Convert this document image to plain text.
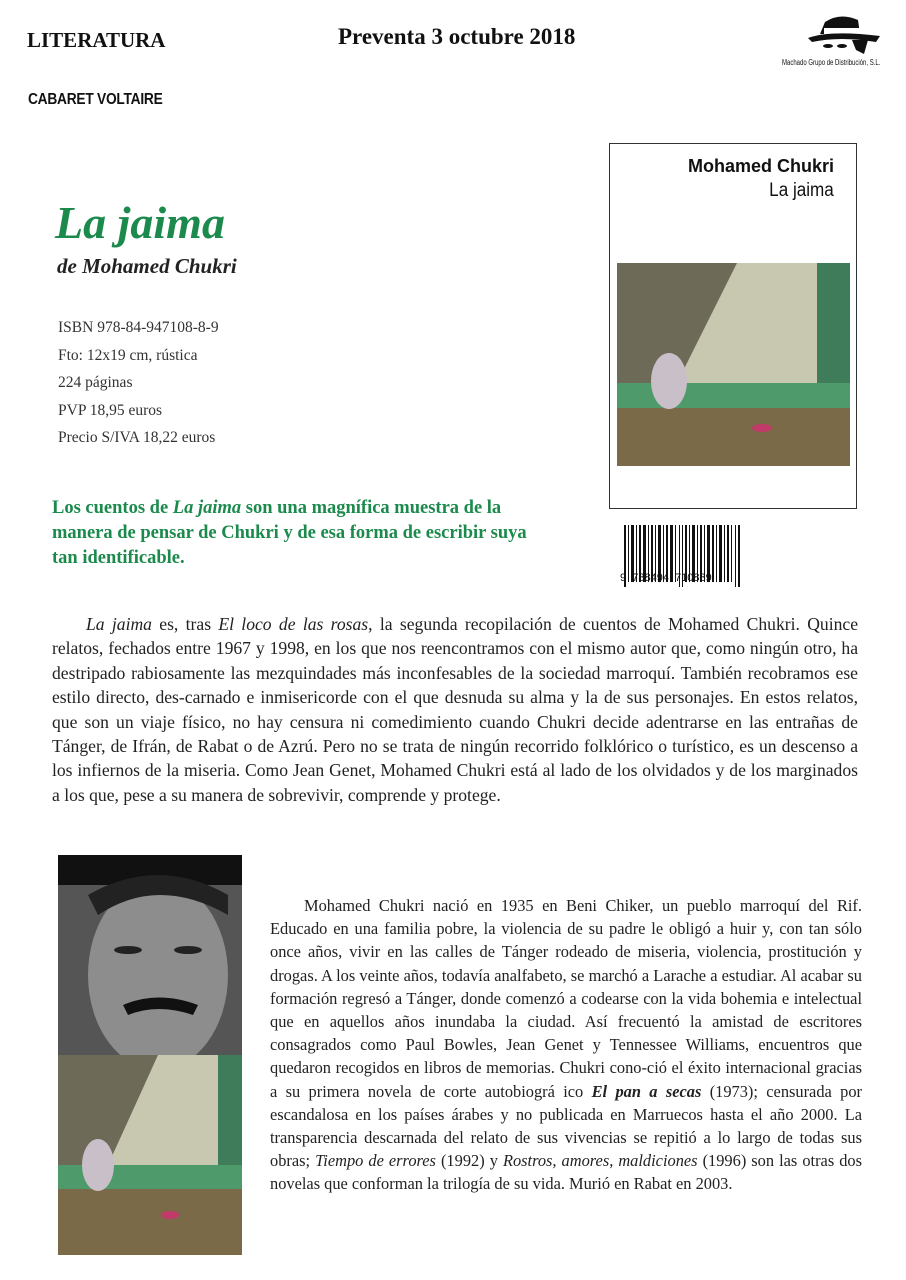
LITERATURA	Preventa 3 octubre 2018
CABARET VOLTAIRE
Machado Grupo de Distribución, S.L.
La jaima
de Mohamed Chukri
ISBN 978-84-947108-8-9
Fto: 12x19 cm, rústica
224 páginas
PVP 18,95 euros
Precio S/IVA 18,22 euros
Los cuentos de La jaima son una magnífica muestra de la manera de pensar de Chukri y de esa forma de escribir suya tan identificable.
Mohamed Chukri
La jaima
CABARET VOLTAIRE
9  788494  710889
La jaima es, tras El loco de las rosas, la segunda recopilación de cuentos de Mohamed Chukri. Quince relatos, fechados entre 1967 y 1998, en los que nos reencontramos con el mismo autor que, como ningún otro, ha destripado rabiosamente las mezquindades más inconfesables de la sociedad marroquí. También recobramos ese estilo directo, des-carnado e inmisericorde con el que desnuda su alma y la de sus personajes. En estos relatos, que son un viaje físico, no hay censura ni comedimiento cuando Chukri decide adentrarse en las entrañas de Tánger, de Ifrán, de Rabat o de Azrú. Pero no se trata de ningún recorrido folklórico o turístico, es un descenso a los infiernos de la miseria. Como Jean Genet, Mohamed Chukri está al lado de los olvidados y de los marginados a los que, pese a su manera de sobrevivir, comprende y protege.
Mohamed Chukri nació en 1935 en Beni Chiker, un pueblo marroquí del Rif. Educado en una familia pobre, la violencia de su padre le obligó a huir y, con tan sólo once años, vivir en las calles de Tánger rodeado de miseria, violencia, prostitución y drogas. A los veinte años, todavía analfabeto, se marchó a Larache a estudiar. Al acabar su formación regresó a Tánger, donde comenzó a codearse con la vida bohemia e intelectual que en aquellos años inundaba la ciudad. Así frecuentó la amistad de escritores consagrados como Paul Bowles, Jean Genet y Tennessee Williams, encuentros que quedaron recogidos en libros de memorias. Chukri cono-ció el éxito internacional gracias a su primera novela de corte autobiográ ico El pan a secas (1973); censurada por escandalosa en los países árabes y no publicada en Marruecos hasta el año 2000. La transparencia descarnada del relato de sus vivencias se repitió a lo largo de todas sus obras; Tiempo de errores (1992) y Rostros, amores, maldiciones (1996) son las otras dos novelas que conforman la trilogía de su vida. Murió en Rabat en 2003.
